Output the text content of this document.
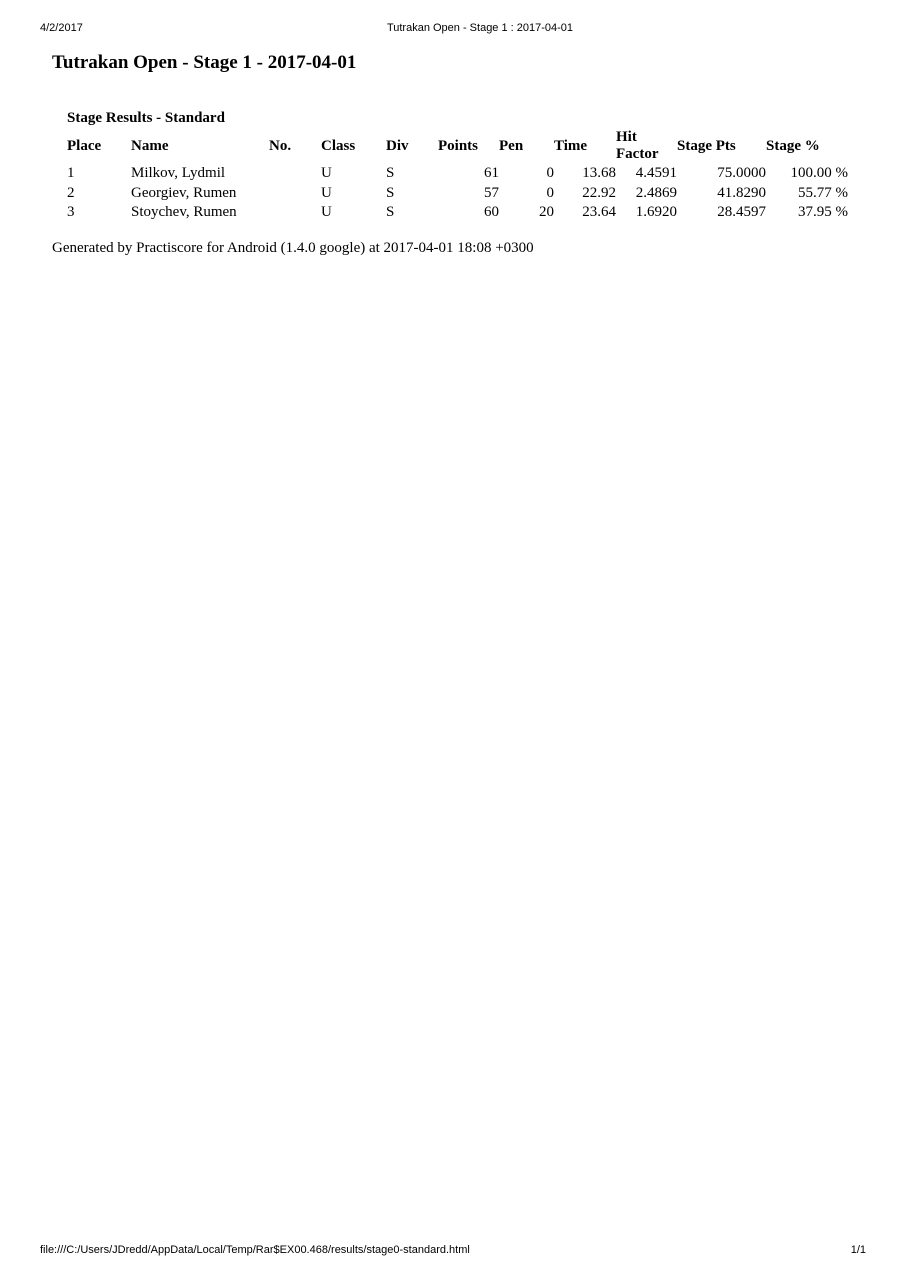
4/2/2017	Tutrakan Open - Stage 1 : 2017-04-01
Tutrakan Open - Stage 1 - 2017-04-01
Stage Results - Standard
Place	Name	No.	Class	Div	Points	Pen	Time	Hit
Factor	Stage Pts	Stage %
1	Milkov, Lydmil		U	S	61	0	13.68	4.4591	75.0000	100.00 %
2	Georgiev, Rumen		U	S	57	0	22.92	2.4869	41.8290	55.77 %
3	Stoychev, Rumen		U	S	60	20	23.64	1.6920	28.4597	37.95 %

Generated by Practiscore for Android (1.4.0 google) at 2017-04-01 18:08 +0300

file:///C:/Users/JDredd/AppData/Local/Temp/Rar$EX00.468/results/stage0-standard.html	1/1
